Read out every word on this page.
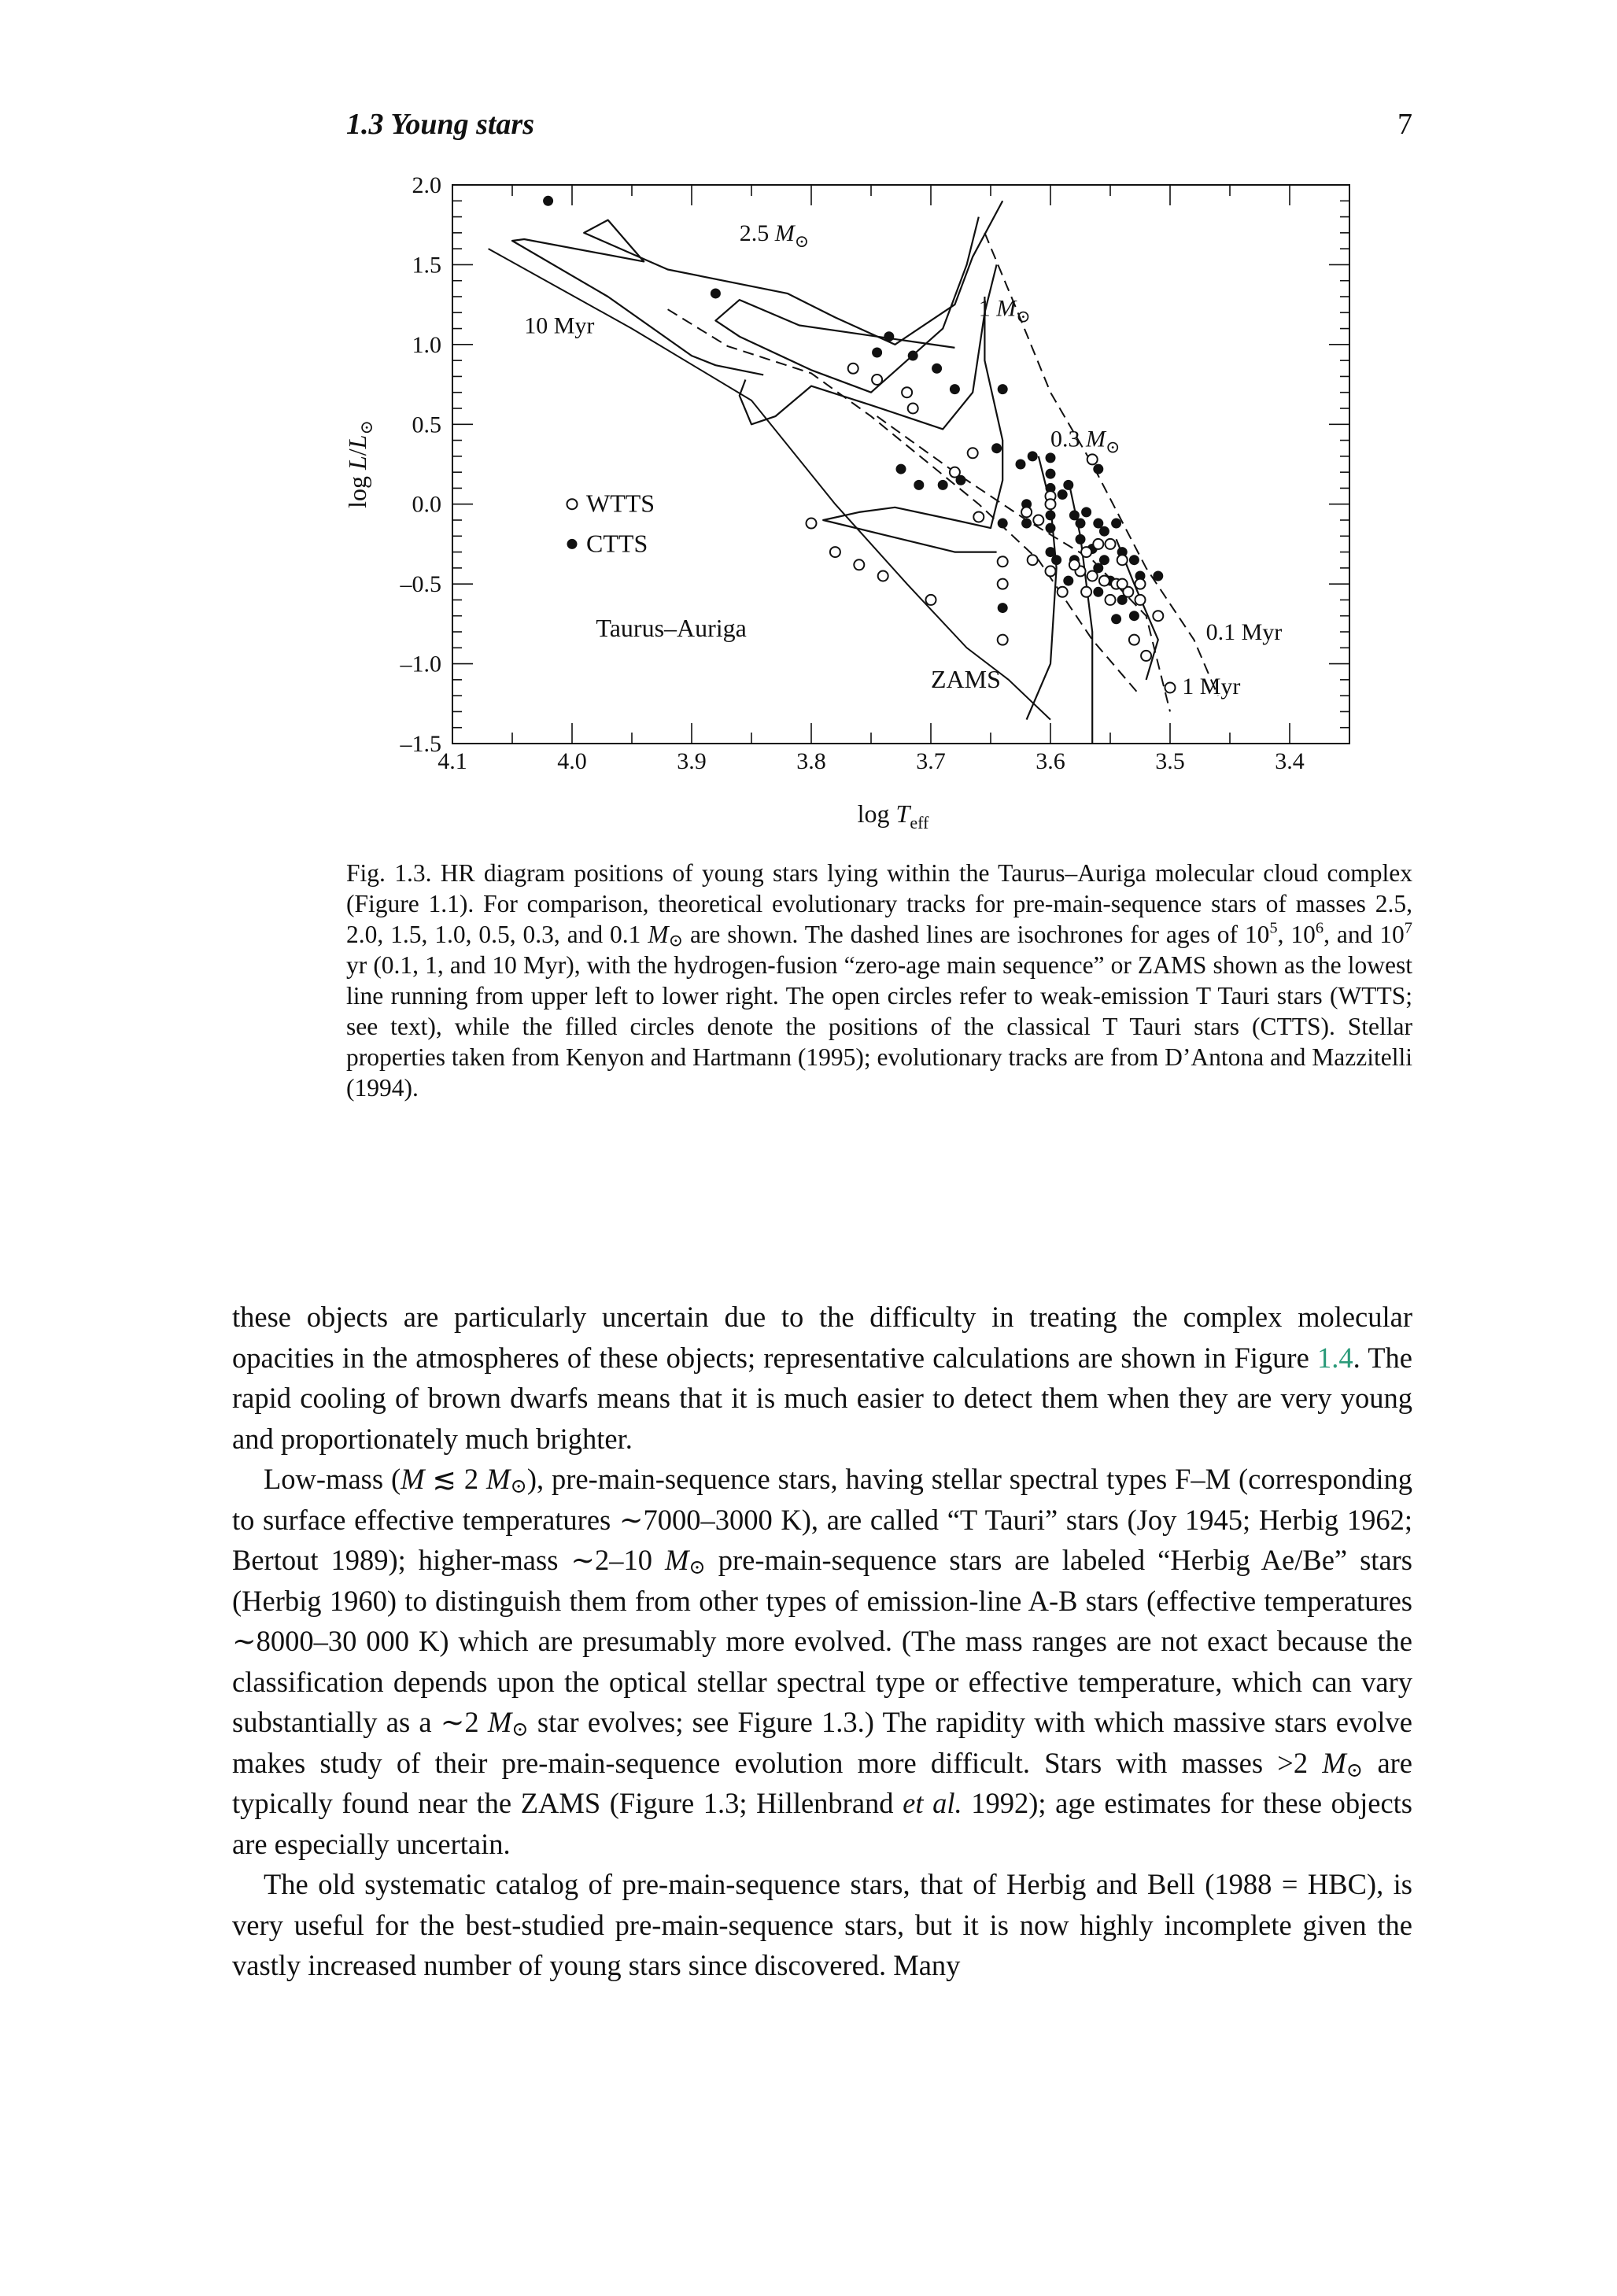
1.3 Young stars	7
2.0
1.5
1.0
0.5
0.0
–0.5
–1.0
–1.5
4.1	4.0	3.9	3.8	3.7	3.6	3.5	3.4
$\log T_{eff}$
$\log L/L_⊙$
WTTS
CTTS
Taurus–Auriga
ZAMS
10 Myr
0.1 Myr
1 Myr
2.5 $M_⊙$
1 $M_⊙$
0.3 $M_⊙$

Fig. 1.3. HR diagram positions of young stars lying within the Taurus–Auriga molecular cloud complex (Figure 1.1). For comparison, theoretical evolutionary tracks for pre-main-sequence stars of masses 2.5, 2.0, 1.5, 1.0, 0.5, 0.3, and 0.1 $M_⊙$ are shown. The dashed lines are isochrones for ages of $10^5$, $10^6$, and $10^7$ yr (0.1, 1, and 10 Myr), with the hydrogen-fusion “zero-age main sequence” or ZAMS shown as the lowest line running from upper left to lower right. The open circles refer to weak-emission T Tauri stars (WTTS; see text), while the filled circles denote the positions of the classical T Tauri stars (CTTS). Stellar properties taken from Kenyon and Hartmann (1995); evolutionary tracks are from D’Antona and Mazzitelli (1994).

these objects are particularly uncertain due to the difficulty in treating the complex molecular opacities in the atmospheres of these objects; representative calculations are shown in Figure 1.4. The rapid cooling of brown dwarfs means that it is much easier to detect them when they are very young and proportionately much brighter.

Low-mass (M ≲ 2 $M_⊙$), pre-main-sequence stars, having stellar spectral types F–M (corresponding to surface effective temperatures ∼7000–3000 K), are called “T Tauri” stars (Joy 1945; Herbig 1962; Bertout 1989); higher-mass ∼2–10 $M_⊙$ pre-main-sequence stars are labeled “Herbig Ae/Be” stars (Herbig 1960) to distinguish them from other types of emission-line A-B stars (effective temperatures ∼8000–30 000 K) which are presumably more evolved. (The mass ranges are not exact because the classification depends upon the optical stellar spectral type or effective temperature, which can vary substantially as a ∼2 $M_⊙$ star evolves; see Figure 1.3.) The rapidity with which massive stars evolve makes study of their pre-main-sequence evolution more difficult. Stars with masses >2 $M_⊙$ are typically found near the ZAMS (Figure 1.3; Hillenbrand et al. 1992); age estimates for these objects are especially uncertain.

The old systematic catalog of pre-main-sequence stars, that of Herbig and Bell (1988 = HBC), is very useful for the best-studied pre-main-sequence stars, but it is now highly incomplete given the vastly increased number of young stars since discovered. Many
